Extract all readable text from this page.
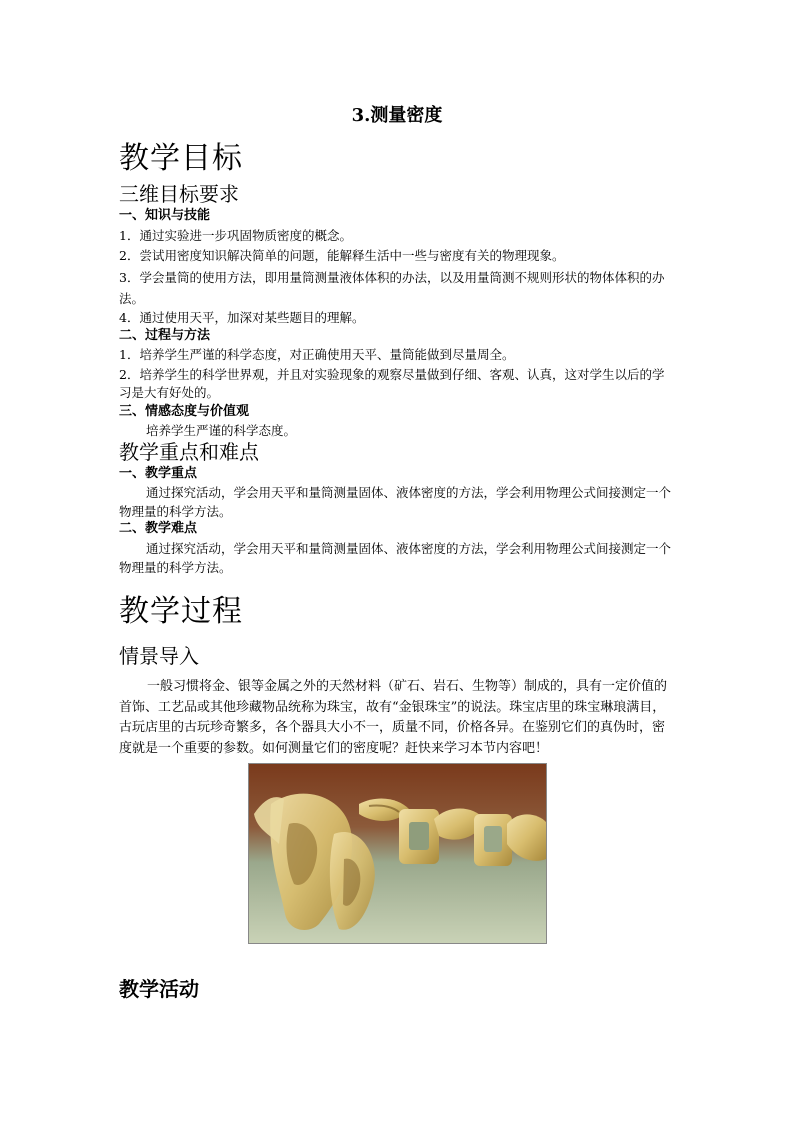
3.测量密度
教学目标
三维目标要求
一、知识与技能
1．通过实验进一步巩固物质密度的概念。
2．尝试用密度知识解决简单的问题，能解释生活中一些与密度有关的物理现象。
3．学会量筒的使用方法，即用量筒测量液体体积的办法，以及用量筒测不规则形状的物体体积的办法。
4．通过使用天平，加深对某些题目的理解。
二、过程与方法
1．培养学生严谨的科学态度，对正确使用天平、量筒能做到尽量周全。
2．培养学生的科学世界观，并且对实验现象的观察尽量做到仔细、客观、认真，这对学生以后的学习是大有好处的。
三、情感态度与价值观
培养学生严谨的科学态度。
教学重点和难点
一、教学重点
通过探究活动，学会用天平和量筒测量固体、液体密度的方法，学会利用物理公式间接测定一个物理量的科学方法。
二、教学难点
通过探究活动，学会用天平和量筒测量固体、液体密度的方法，学会利用物理公式间接测定一个物理量的科学方法。
教学过程
情景导入
一般习惯将金、银等金属之外的天然材料（矿石、岩石、生物等）制成的，具有一定价值的首饰、工艺品或其他珍藏物品统称为珠宝，故有“金银珠宝”的说法。珠宝店里的珠宝琳琅满目，古玩店里的古玩珍奇繁多，各个器具大小不一，质量不同，价格各异。在鉴别它们的真伪时，密度就是一个重要的参数。如何测量它们的密度呢？赶快来学习本节内容吧！
教学活动
